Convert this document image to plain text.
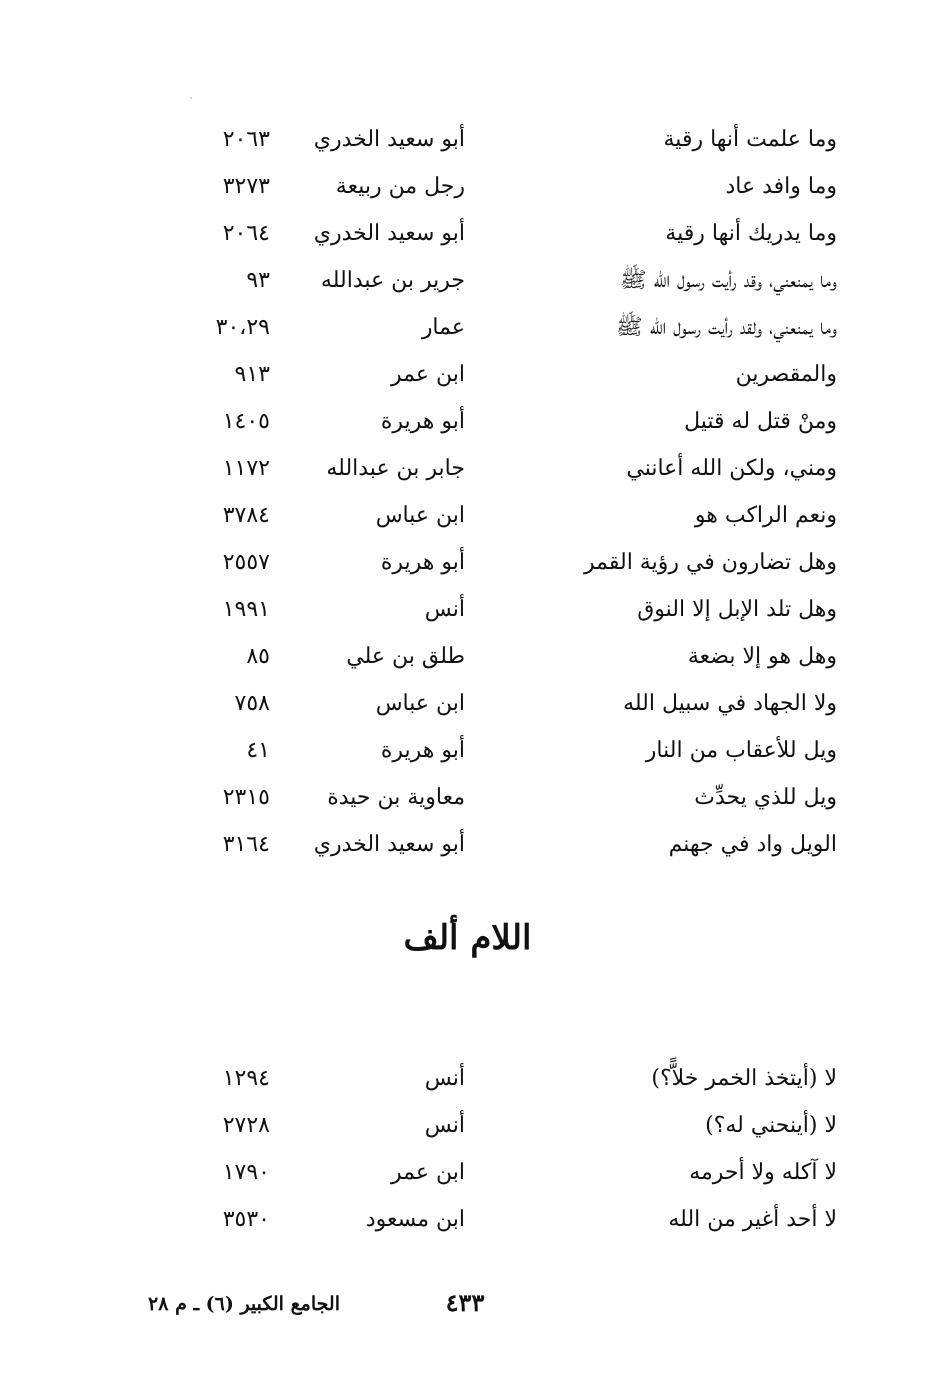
وما علمت أنها رقية
أبو سعيد الخدري
٢٠٦٣
وما وافد عاد
رجل من ربيعة
٣٢٧٣
وما يدريك أنها رقية
أبو سعيد الخدري
٢٠٦٤
وما يمنعني، وقد رأيت رسول الله ﷺ
جرير بن عبدالله
٩٣
وما يمنعني، ولقد رأيت رسول الله ﷺ
عمار
٣٠،٢٩
والمقصرين
ابن عمر
٩١٣
ومنْ قتل له قتيل
أبو هريرة
١٤٠٥
ومني، ولكن الله أعانني
جابر بن عبدالله
١١٧٢
ونعم الراكب هو
ابن عباس
٣٧٨٤
وهل تضارون في رؤية القمر
أبو هريرة
٢٥٥٧
وهل تلد الإبل إلا النوق
أنس
١٩٩١
وهل هو إلا بضعة
طلق بن علي
٨٥
ولا الجهاد في سبيل الله
ابن عباس
٧٥٨
ويل للأعقاب من النار
أبو هريرة
٤١
ويل للذي يحدِّث
معاوية بن حيدة
٢٣١٥
الويل واد في جهنم
أبو سعيد الخدري
٣١٦٤
اللام ألف
لا (أيتخذ الخمر خلاًّ؟)
أنس
١٢٩٤
لا (أينحني له؟)
أنس
٢٧٢٨
لا آكله ولا أحرمه
ابن عمر
١٧٩٠
لا أحد أغير من الله
ابن مسعود
٣٥٣٠
٤٣٣
الجامع الكبير (٦) ـ م ٢٨
